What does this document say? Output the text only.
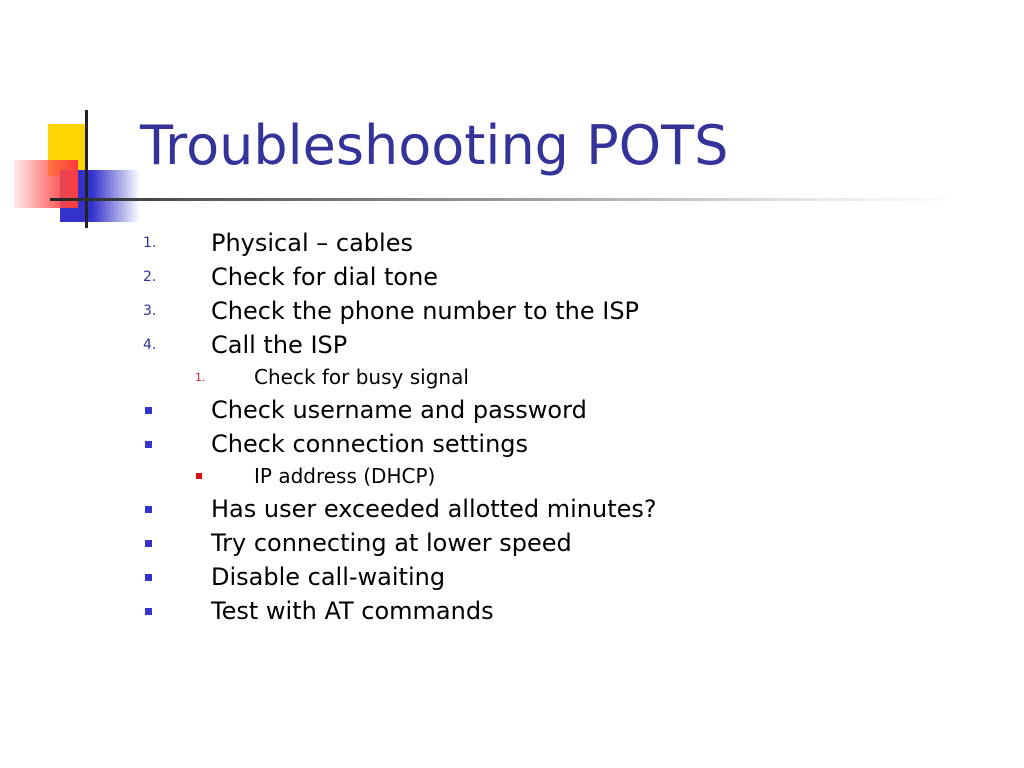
Troubleshooting POTS
1. Physical – cables
2. Check for dial tone
3. Check the phone number to the ISP
4. Call the ISP
1. Check for busy signal
Check username and password
Check connection settings
IP address (DHCP)
Has user exceeded allotted minutes?
Try connecting at lower speed
Disable call-waiting
Test with AT commands
